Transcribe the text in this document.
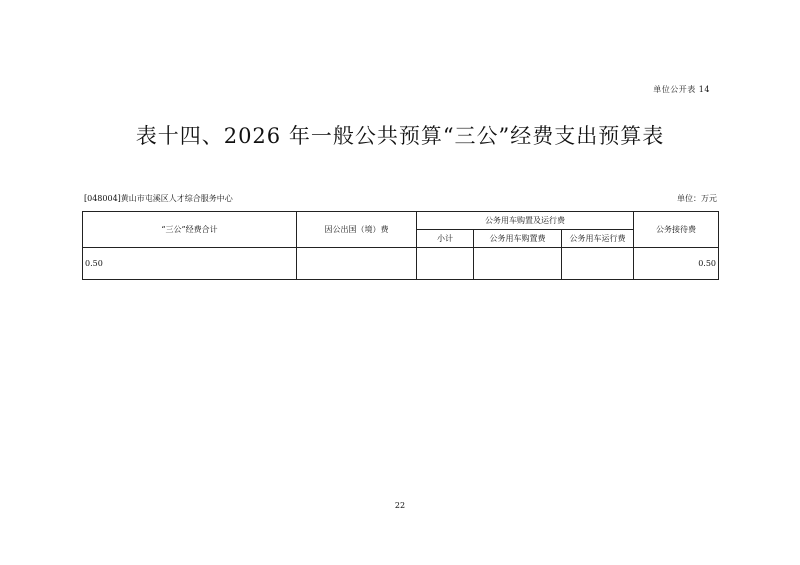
单位公开表 14
表十四、2026 年一般公共预算“三公”经费支出预算表
[048004]黄山市屯溪区人才综合服务中心	单位：万元
“三公”经费合计	因公出国（境）费	公务用车购置及运行费			公务接待费
		小计	公务用车购置费	公务用车运行费	
0.50					0.50
22
